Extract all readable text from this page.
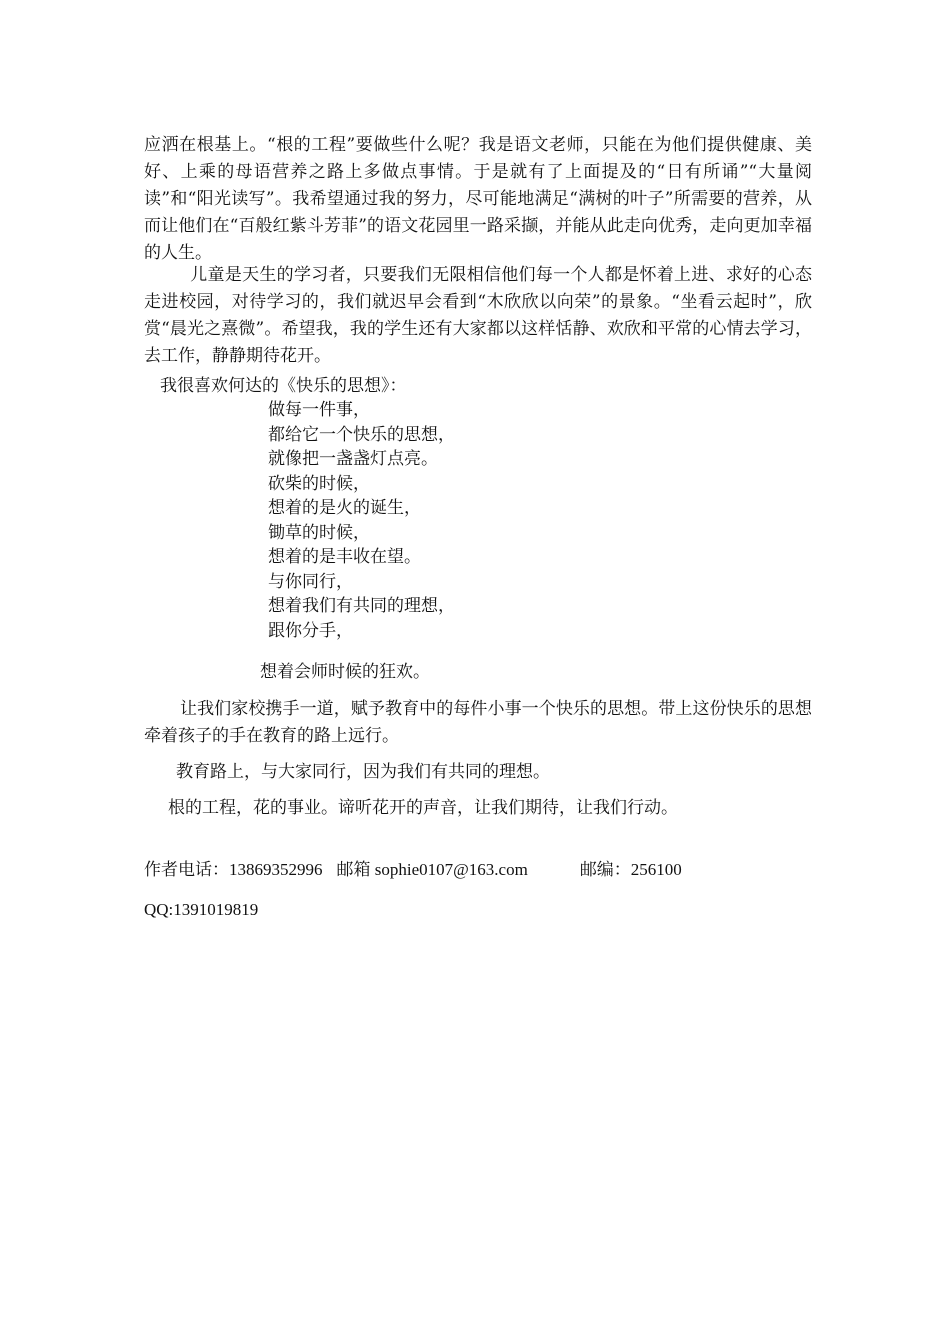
应洒在根基上。“根的工程”要做些什么呢？我是语文老师，只能在为他们提供健康、美好、上乘的母语营养之路上多做点事情。于是就有了上面提及的“日有所诵”“大量阅读”和“阳光读写”。我希望通过我的努力，尽可能地满足“满树的叶子”所需要的营养，从而让他们在“百般红紫斗芳菲”的语文花园里一路采撷，并能从此走向优秀，走向更加幸福的人生。

儿童是天生的学习者，只要我们无限相信他们每一个人都是怀着上进、求好的心态走进校园，对待学习的，我们就迟早会看到“木欣欣以向荣”的景象。“坐看云起时”，欣赏“晨光之熹微”。希望我，我的学生还有大家都以这样恬静、欢欣和平常的心情去学习，去工作，静静期待花开。

我很喜欢何达的《快乐的思想》：

做每一件事，

都给它一个快乐的思想，

就像把一盏盏灯点亮。

砍柴的时候，

想着的是火的诞生，

锄草的时候，

想着的是丰收在望。

与你同行，

想着我们有共同的理想，

跟你分手，

想着会师时候的狂欢。

让我们家校携手一道，赋予教育中的每件小事一个快乐的思想。带上这份快乐的思想牵着孩子的手在教育的路上远行。

教育路上，与大家同行，因为我们有共同的理想。

根的工程，花的事业。谛听花开的声音，让我们期待，让我们行动。

作者电话：13869352996 邮箱 sophie0107@163.com	邮编：256100
QQ:1391019819
